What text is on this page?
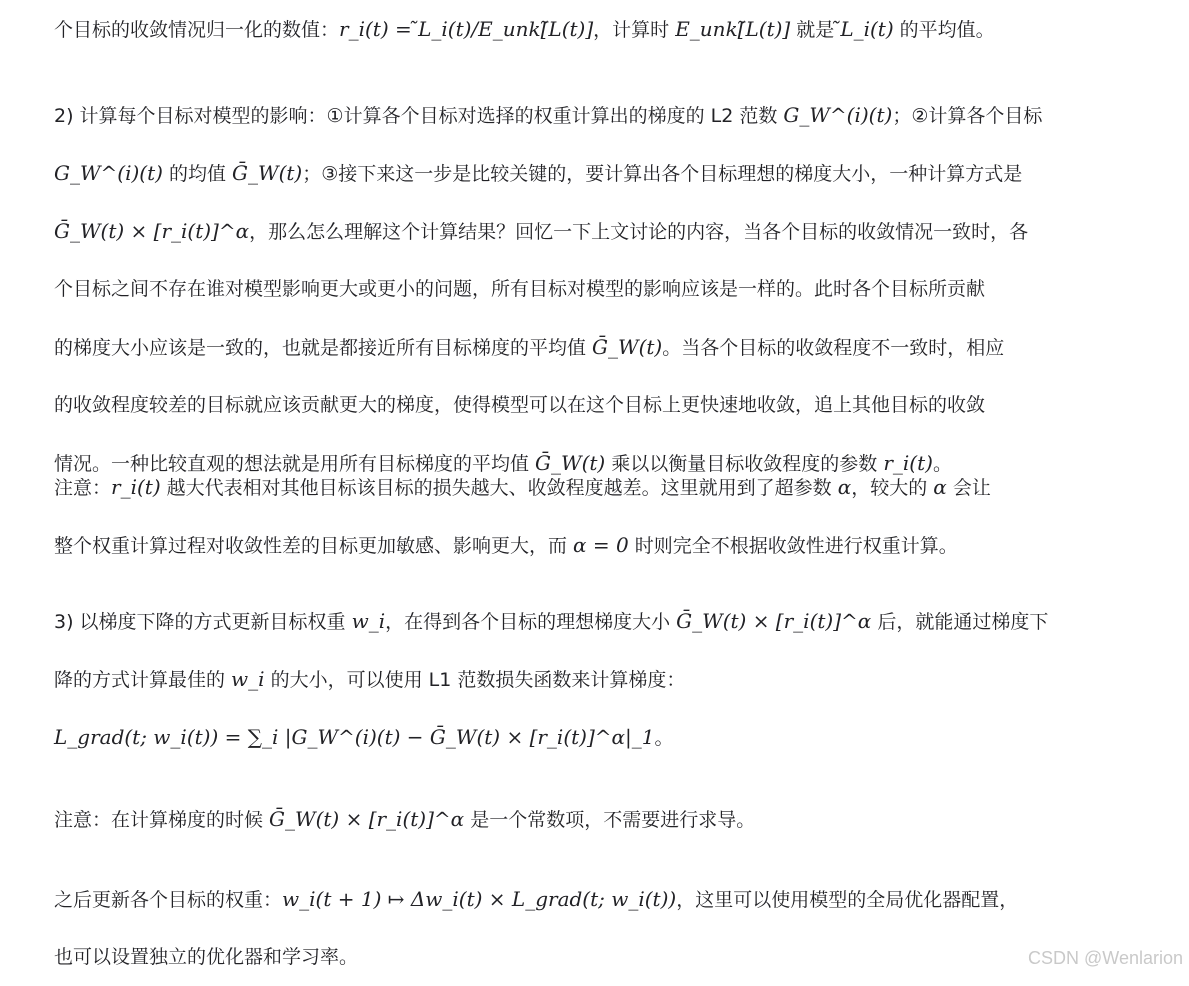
个目标的收敛情况归一化的数值：r_i(t) = ̃L_i(t)/E_unk[̃L(t)]，计算时 E_unk[̃L(t)] 就是 ̃L_i(t) 的平均值。
2) 计算每个目标对模型的影响：①计算各个目标对选择的权重计算出的梯度的 L2 范数 G_W^(i)(t)；②计算各个目标
G_W^(i)(t) 的均值 Ḡ_W(t)；③接下来这一步是比较关键的，要计算出各个目标理想的梯度大小，一种计算方式是
Ḡ_W(t) × [r_i(t)]^α，那么怎么理解这个计算结果？回忆一下上文讨论的内容，当各个目标的收敛情况一致时，各
个目标之间不存在谁对模型影响更大或更小的问题，所有目标对模型的影响应该是一样的。此时各个目标所贡献
的梯度大小应该是一致的，也就是都接近所有目标梯度的平均值 Ḡ_W(t)。当各个目标的收敛程度不一致时，相应
的收敛程度较差的目标就应该贡献更大的梯度，使得模型可以在这个目标上更快速地收敛，追上其他目标的收敛
情况。一种比较直观的想法就是用所有目标梯度的平均值 Ḡ_W(t) 乘以以衡量目标收敛程度的参数 r_i(t)。
注意：r_i(t) 越大代表相对其他目标该目标的损失越大、收敛程度越差。这里就用到了超参数 α，较大的 α 会让
整个权重计算过程对收敛性差的目标更加敏感、影响更大，而 α = 0 时则完全不根据收敛性进行权重计算。
3) 以梯度下降的方式更新目标权重 w_i，在得到各个目标的理想梯度大小 Ḡ_W(t) × [r_i(t)]^α 后，就能通过梯度下
降的方式计算最佳的 w_i 的大小，可以使用 L1 范数损失函数来计算梯度：
L_grad(t; w_i(t)) = ∑_i |G_W^(i)(t) − Ḡ_W(t) × [r_i(t)]^α|_1。
注意：在计算梯度的时候 Ḡ_W(t) × [r_i(t)]^α 是一个常数项，不需要进行求导。
之后更新各个目标的权重：w_i(t + 1) ↦ Δw_i(t) × L_grad(t; w_i(t))，这里可以使用模型的全局优化器配置，
也可以设置独立的优化器和学习率。	CSDN @Wenlarion
